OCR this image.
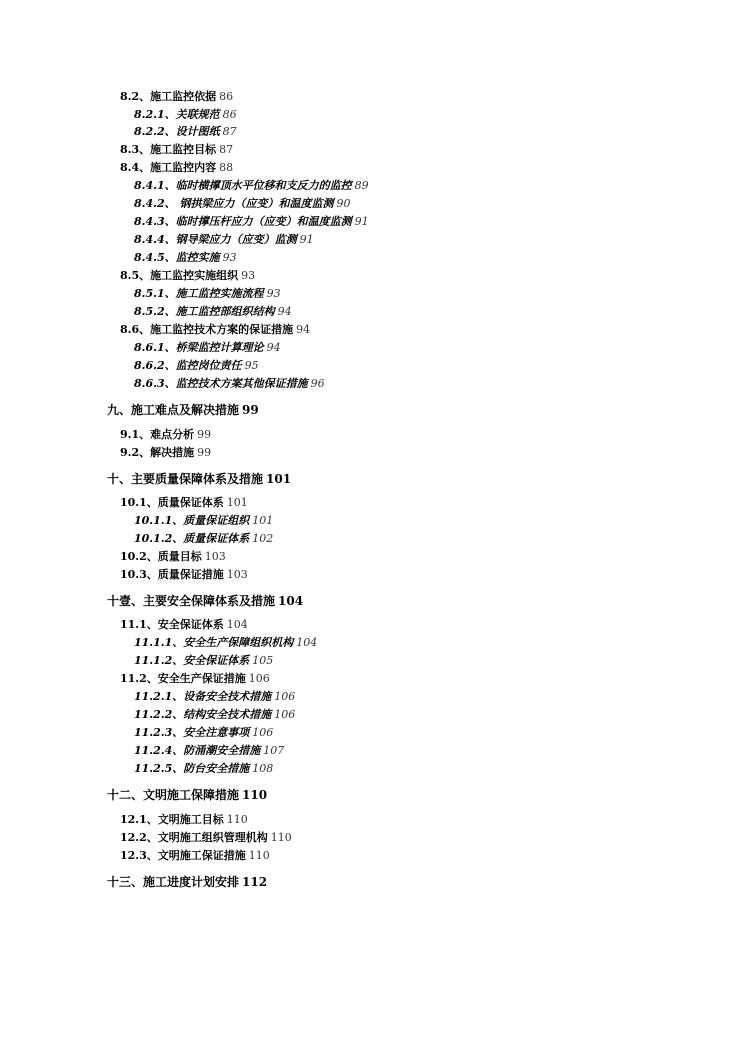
8.2、施工监控依据 86
8.2.1、关联规范 86
8.2.2、设计图纸 87
8.3、施工监控目标 87
8.4、施工监控内容 88
8.4.1、临时横撑顶水平位移和支反力的监控 89
8.4.2、 钢拱梁应力（应变）和温度监测 90
8.4.3、临时撑压杆应力（应变）和温度监测 91
8.4.4、钢导梁应力（应变）监测 91
8.4.5、监控实施 93
8.5、施工监控实施组织 93
8.5.1、施工监控实施流程 93
8.5.2、施工监控部组织结构 94
8.6、施工监控技术方案的保证措施 94
8.6.1、桥梁监控计算理论 94
8.6.2、监控岗位责任 95
8.6.3、监控技术方案其他保证措施 96
九、施工难点及解决措施 99
9.1、难点分析 99
9.2、解决措施 99
十、主要质量保障体系及措施 101
10.1、质量保证体系 101
10.1.1、质量保证组织 101
10.1.2、质量保证体系 102
10.2、质量目标 103
10.3、质量保证措施 103
十壹、主要安全保障体系及措施 104
11.1、安全保证体系 104
11.1.1、安全生产保障组织机构 104
11.1.2、安全保证体系 105
11.2、安全生产保证措施 106
11.2.1、设备安全技术措施 106
11.2.2、结构安全技术措施 106
11.2.3、安全注意事项 106
11.2.4、防涌潮安全措施 107
11.2.5、防台安全措施 108
十二、文明施工保障措施 110
12.1、文明施工目标 110
12.2、文明施工组织管理机构 110
12.3、文明施工保证措施 110
十三、施工进度计划安排 112
